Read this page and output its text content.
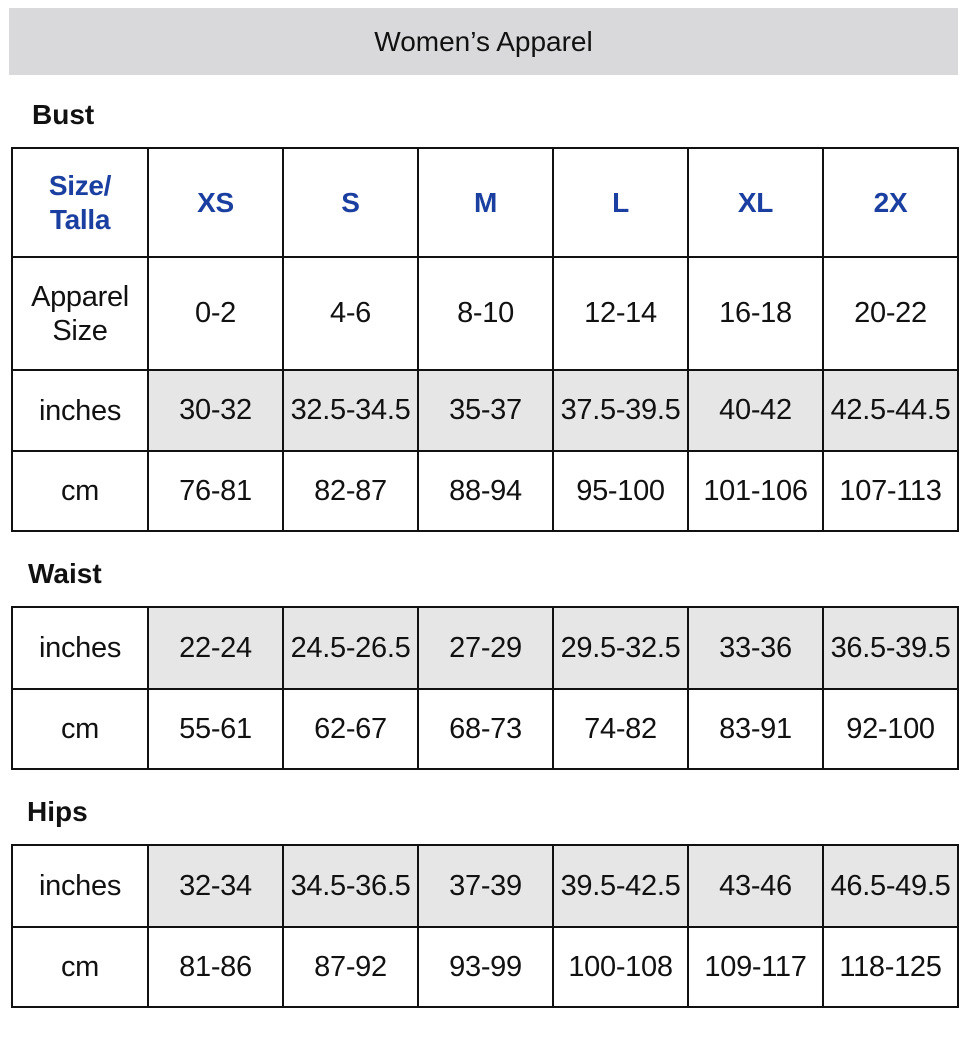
Women’s Apparel
Bust
Size/
Talla	XS	S	M	L	XL	2X
Apparel
Size	0-2	4-6	8-10	12-14	16-18	20-22
inches	30-32	32.5-34.5	35-37	37.5-39.5	40-42	42.5-44.5
cm	76-81	82-87	88-94	95-100	101-106	107-113
Waist
inches	22-24	24.5-26.5	27-29	29.5-32.5	33-36	36.5-39.5
cm	55-61	62-67	68-73	74-82	83-91	92-100
Hips
inches	32-34	34.5-36.5	37-39	39.5-42.5	43-46	46.5-49.5
cm	81-86	87-92	93-99	100-108	109-117	118-125
